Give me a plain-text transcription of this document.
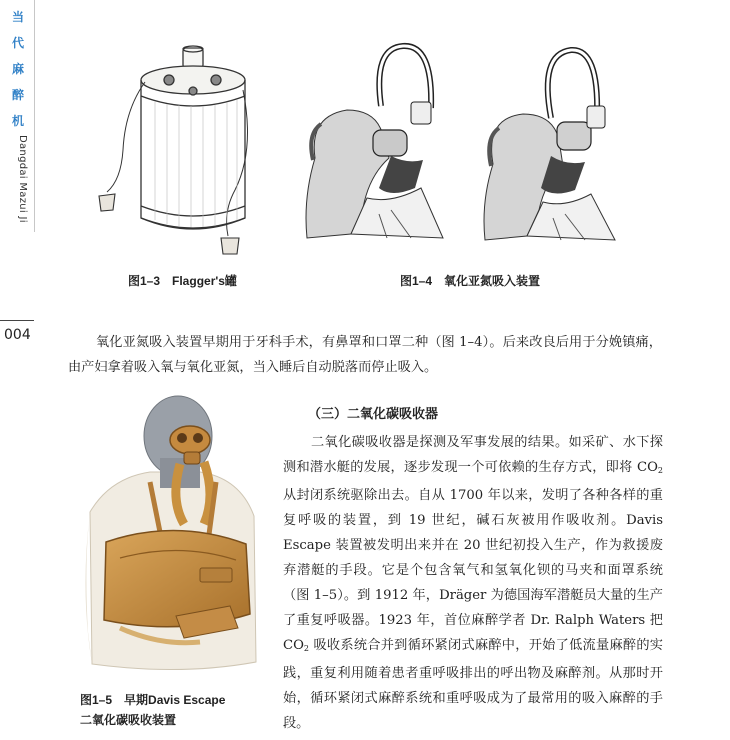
当
代
麻
醉
机
Dangdai Mazui Ji
004
图1–3　Flagger's罐	图1–4　氧化亚氮吸入装置

氧化亚氮吸入装置早期用于牙科手术，有鼻罩和口罩二种（图 1–4）。后来改良后用于分娩镇痛，由产妇拿着吸入氧与氧化亚氮，当入睡后自动脱落而停止吸入。

图1–5　早期Davis Escape
二氧化碳吸收装置
（三）二氧化碳吸收器

二氧化碳吸收器是探测及军事发展的结果。如采矿、水下探测和潜水艇的发展，逐步发现一个可依赖的生存方式，即将 $CO_2$ 从封闭系统驱除出去。自从 1700 年以来，发明了各种各样的重复呼吸的装置，到 19 世纪，碱石灰被用作吸收剂。Davis Escape 装置被发明出来并在 20 世纪初投入生产，作为救援废弃潜艇的手段。它是个包含氧气和氢氧化钡的马夹和面罩系统（图 1–5）。到 1912 年，Dräger 为德国海军潜艇员大量的生产了重复呼吸器。1923 年，首位麻醉学者 Dr. Ralph Waters 把 $CO_2$ 吸收系统合并到循环紧闭式麻醉中，开始了低流量麻醉的实践，重复利用随着患者重呼吸排出的呼出物及麻醉剂。从那时开始，循环紧闭式麻醉系统和重呼吸成为了最常用的吸入麻醉的手段。
